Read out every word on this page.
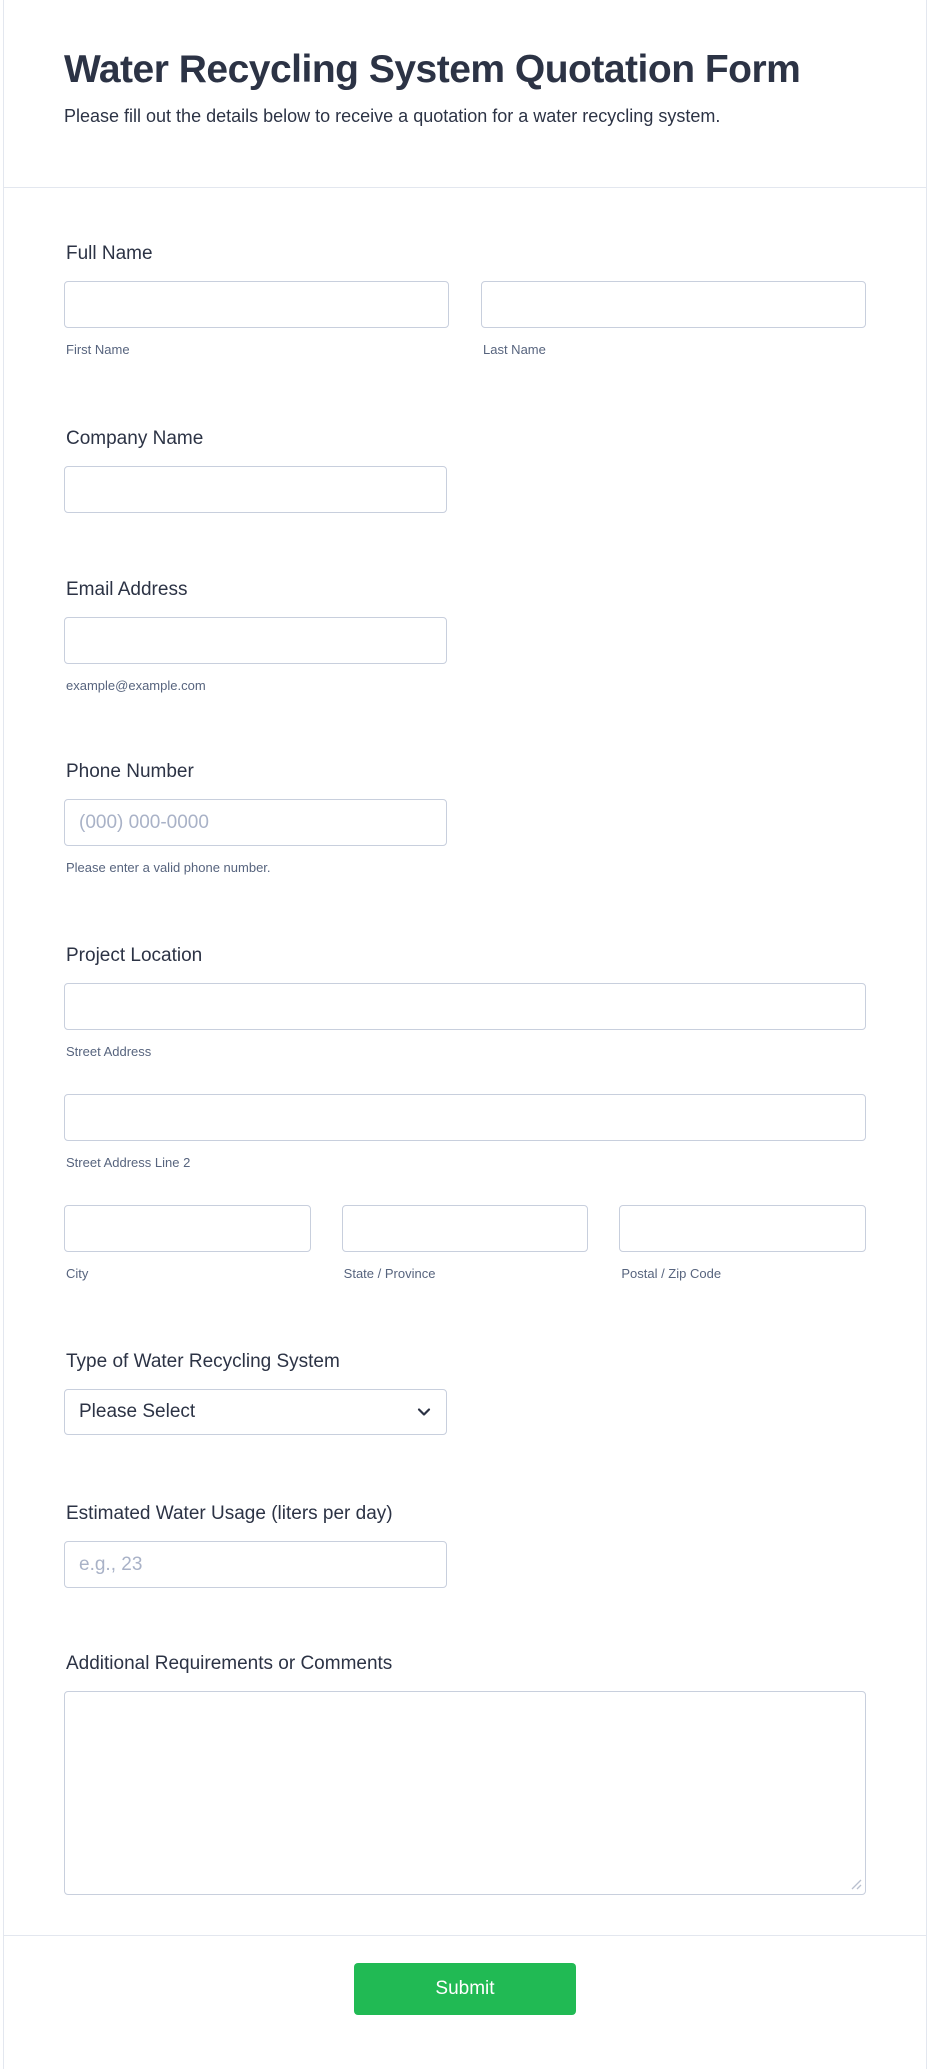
Water Recycling System Quotation Form
Please fill out the details below to receive a quotation for a water recycling system.
Full Name
First Name	Last Name
Company Name
Email Address
example@example.com
Phone Number
(000) 000-0000
Please enter a valid phone number.
Project Location
Street Address
Street Address Line 2
City	State / Province	Postal / Zip Code
Type of Water Recycling System
Please Select
Estimated Water Usage (liters per day)
e.g., 23
Additional Requirements or Comments
Submit
